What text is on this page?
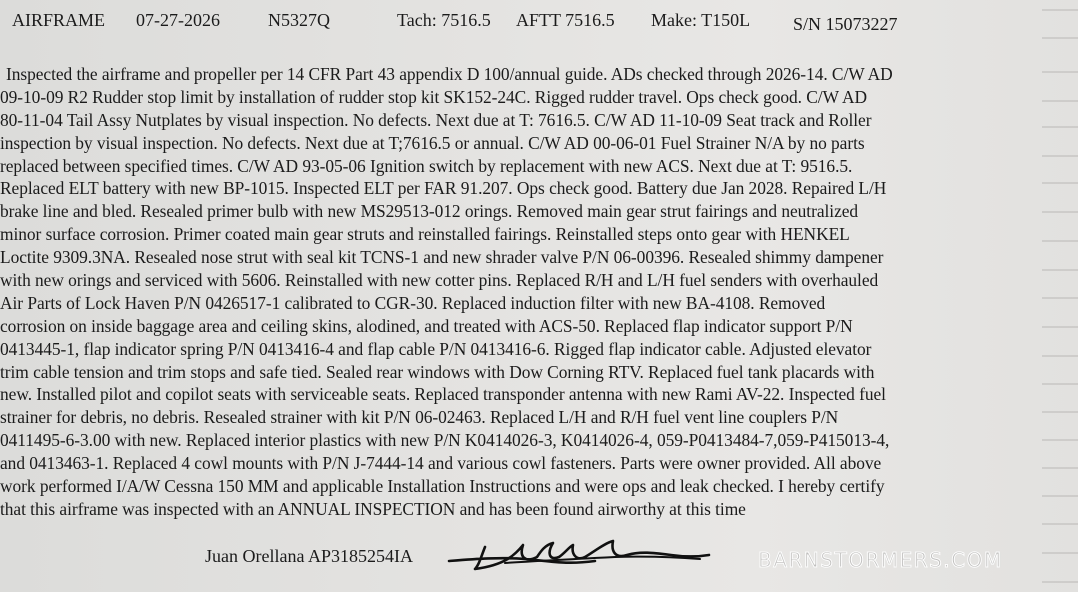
AIRFRAME 07-27-2026	N5327Q	Tach: 7516.5 AFTT 7516.5 Make: T150L S/N 15073227
Inspected the airframe and propeller per 14 CFR Part 43 appendix D 100/annual guide. ADs checked through 2026-14. C/W AD
09-10-09 R2 Rudder stop limit by installation of rudder stop kit SK152-24C. Rigged rudder travel. Ops check good. C/W AD
80-11-04 Tail Assy Nutplates by visual inspection. No defects. Next due at T: 7616.5. C/W AD 11-10-09 Seat track and Roller
inspection by visual inspection. No defects. Next due at T;7616.5 or annual. C/W AD 00-06-01 Fuel Strainer N/A by no parts
replaced between specified times. C/W AD 93-05-06 Ignition switch by replacement with new ACS. Next due at T: 9516.5.
Replaced ELT battery with new BP-1015. Inspected ELT per FAR 91.207. Ops check good. Battery due Jan 2028. Repaired L/H
brake line and bled. Resealed primer bulb with new MS29513-012 orings. Removed main gear strut fairings and neutralized
minor surface corrosion. Primer coated main gear struts and reinstalled fairings. Reinstalled steps onto gear with HENKEL
Loctite 9309.3NA. Resealed nose strut with seal kit TCNS-1 and new shrader valve P/N 06-00396. Resealed shimmy dampener
with new orings and serviced with 5606. Reinstalled with new cotter pins. Replaced R/H and L/H fuel senders with overhauled
Air Parts of Lock Haven P/N 0426517-1 calibrated to CGR-30. Replaced induction filter with new BA-4108. Removed
corrosion on inside baggage area and ceiling skins, alodined, and treated with ACS-50. Replaced flap indicator support P/N
0413445-1, flap indicator spring P/N 0413416-4 and flap cable P/N 0413416-6. Rigged flap indicator cable. Adjusted elevator
trim cable tension and trim stops and safe tied. Sealed rear windows with Dow Corning RTV. Replaced fuel tank placards with
new. Installed pilot and copilot seats with serviceable seats. Replaced transponder antenna with new Rami AV-22. Inspected fuel
strainer for debris, no debris. Resealed strainer with kit P/N 06-02463. Replaced L/H and R/H fuel vent line couplers P/N
0411495-6-3.00 with new. Replaced interior plastics with new P/N K0414026-3, K0414026-4, 059-P0413484-7,059-P415013-4,
and 0413463-1. Replaced 4 cowl mounts with P/N J-7444-14 and various cowl fasteners. Parts were owner provided. All above
work performed I/A/W Cessna 150 MM and applicable Installation Instructions and were ops and leak checked. I hereby certify
that this airframe was inspected with an ANNUAL INSPECTION and has been found airworthy at this time
Juan Orellana AP3185254IA	BARNSTORMERS.COM
